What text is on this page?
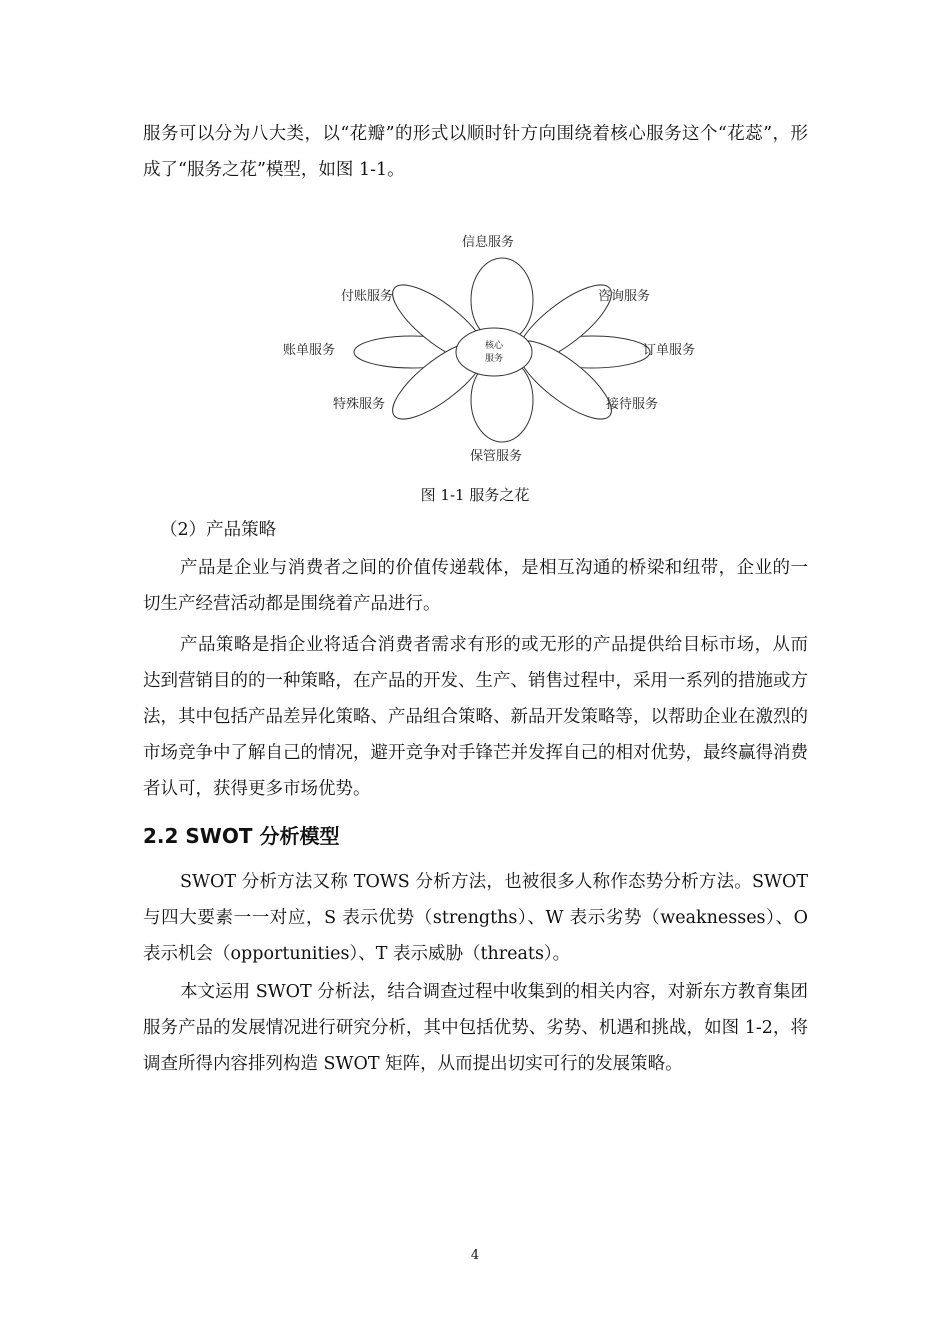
服务可以分为八大类，以“花瓣”的形式以顺时针方向围绕着核心服务这个“花蕊”，形成了“服务之花”模型，如图 1-1。

核心
服务
信息服务
咨询服务
订单服务
接待服务
保管服务
特殊服务
账单服务
付账服务

图 1-1 服务之花

（2）产品策略

产品是企业与消费者之间的价值传递载体，是相互沟通的桥梁和纽带，企业的一切生产经营活动都是围绕着产品进行。

产品策略是指企业将适合消费者需求有形的或无形的产品提供给目标市场，从而达到营销目的的一种策略，在产品的开发、生产、销售过程中，采用一系列的措施或方法，其中包括产品差异化策略、产品组合策略、新品开发策略等，以帮助企业在激烈的市场竞争中了解自己的情况，避开竞争对手锋芒并发挥自己的相对优势，最终赢得消费者认可，获得更多市场优势。

2.2 SWOT 分析模型

SWOT 分析方法又称 TOWS 分析方法，也被很多人称作态势分析方法。SWOT 与四大要素一一对应，S 表示优势（strengths）、W 表示劣势（weaknesses）、O 表示机会（opportunities）、T 表示威胁（threats）。

本文运用 SWOT 分析法，结合调查过程中收集到的相关内容，对新东方教育集团服务产品的发展情况进行研究分析，其中包括优势、劣势、机遇和挑战，如图 1-2，将调查所得内容排列构造 SWOT 矩阵，从而提出切实可行的发展策略。

4
